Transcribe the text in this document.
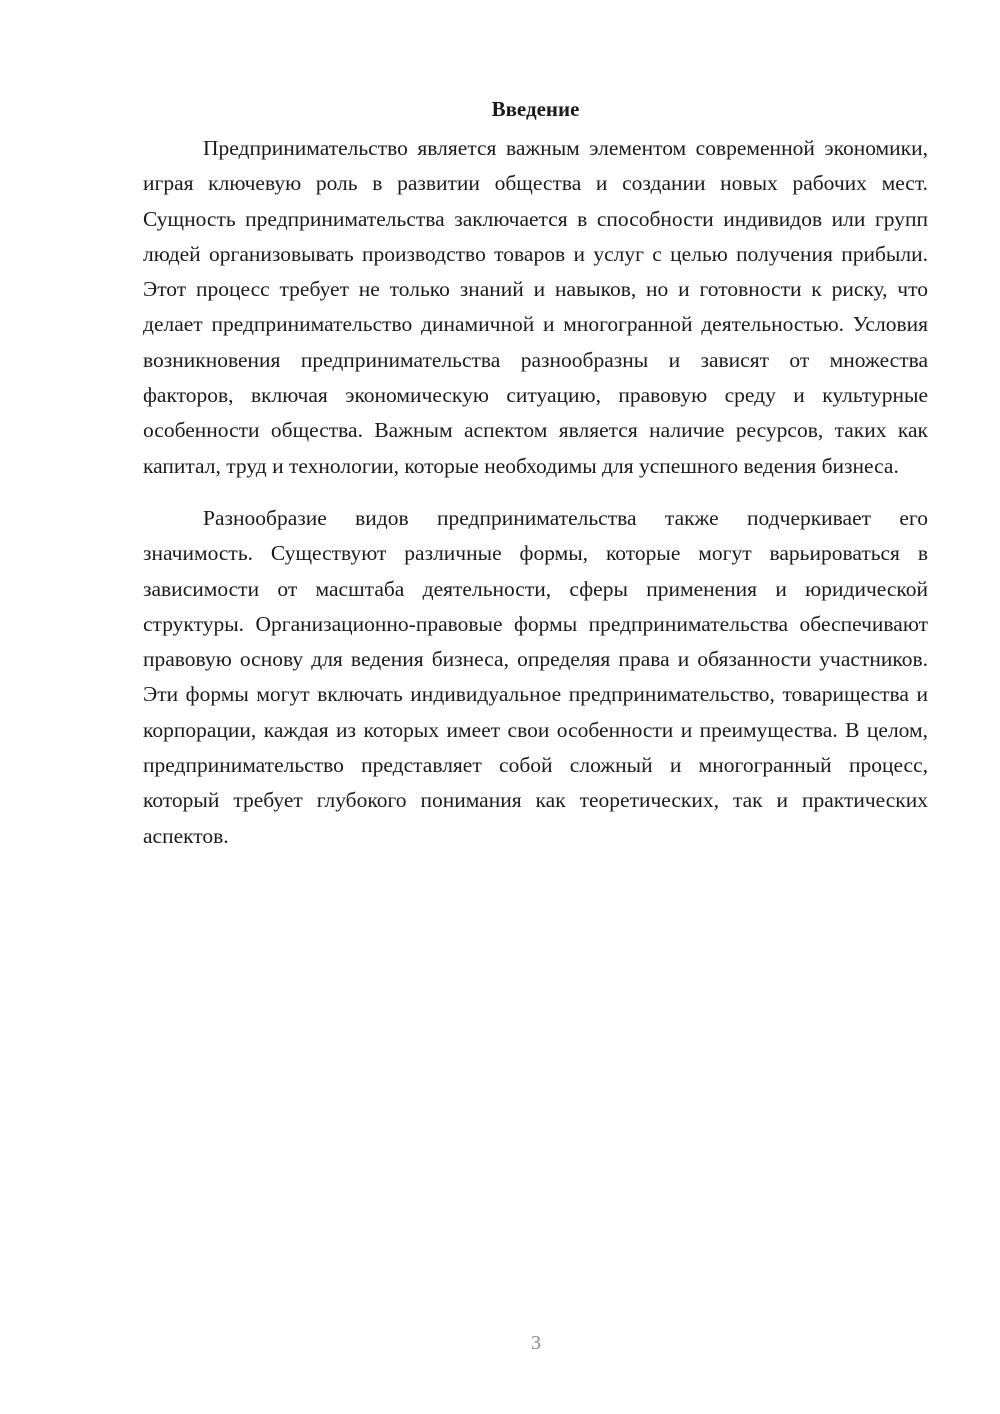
Введение

Предпринимательство является важным элементом современной экономики, играя ключевую роль в развитии общества и создании новых рабочих мест. Сущность предпринимательства заключается в способности индивидов или групп людей организовывать производство товаров и услуг с целью получения прибыли. Этот процесс требует не только знаний и навыков, но и готовности к риску, что делает предпринимательство динамичной и многогранной деятельностью. Условия возникновения предпринимательства разнообразны и зависят от множества факторов, включая экономическую ситуацию, правовую среду и культурные особенности общества. Важным аспектом является наличие ресурсов, таких как капитал, труд и технологии, которые необходимы для успешного ведения бизнеса.

Разнообразие видов предпринимательства также подчеркивает его значимость. Существуют различные формы, которые могут варьироваться в зависимости от масштаба деятельности, сферы применения и юридической структуры. Организационно-правовые формы предпринимательства обеспечивают правовую основу для ведения бизнеса, определяя права и обязанности участников. Эти формы могут включать индивидуальное предпринимательство, товарищества и корпорации, каждая из которых имеет свои особенности и преимущества. В целом, предпринимательство представляет собой сложный и многогранный процесс, который требует глубокого понимания как теоретических, так и практических аспектов.

3
